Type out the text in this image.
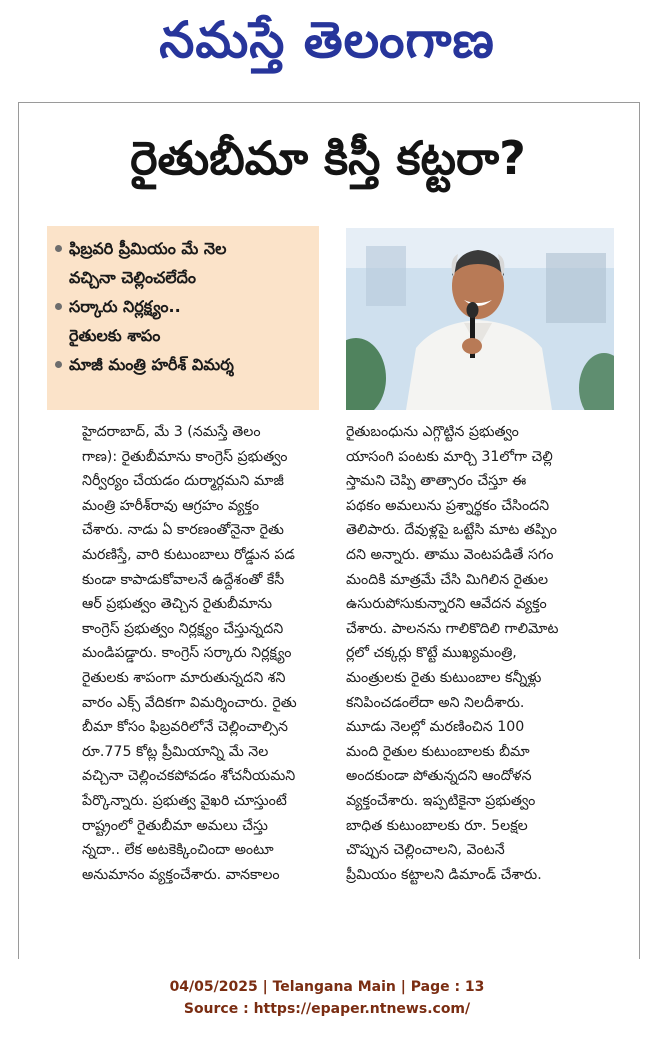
నమస్తే తెలంగాణ
రైతుబీమా కిస్తీ కట్టరా?
ఫిబ్రవరి ప్రీమియం మే నెల
వచ్చినా చెల్లించలేదేం
సర్కారు నిర్లక్ష్యం..
రైతులకు శాపం
మాజీ మంత్రి హరీశ్ విమర్శ
హైదరాబాద్, మే 3 (నమస్తే తెలం
గాణ): రైతుబీమాను కాంగ్రెస్ ప్రభుత్వం
నిర్వీర్యం చేయడం దుర్మార్గమని మాజీ
మంత్రి హరీశ్‌రావు ఆగ్రహం వ్యక్తం
చేశారు. నాడు ఏ కారణంతోనైనా రైతు
మరణిస్తే, వారి కుటుంబాలు రోడ్డున పడ
కుండా కాపాడుకోవాలనే ఉద్దేశంతో కేసీ
ఆర్ ప్రభుత్వం తెచ్చిన రైతుబీమాను
కాంగ్రెస్ ప్రభుత్వం నిర్లక్ష్యం చేస్తున్నదని
మండిపడ్డారు. కాంగ్రెస్ సర్కారు నిర్లక్ష్యం
రైతులకు శాపంగా మారుతున్నదని శని
వారం ఎక్స్ వేదికగా విమర్శించారు. రైతు
బీమా కోసం ఫిబ్రవరిలోనే చెల్లించాల్సిన
రూ.775 కోట్ల ప్రీమియాన్ని మే నెల
వచ్చినా చెల్లించకపోవడం శోచనీయమని
పేర్కొన్నారు. ప్రభుత్వ వైఖరి చూస్తుంటే
రాష్ట్రంలో రైతుబీమా అమలు చేస్తు
న్నదా.. లేక అటకెక్కించిందా అంటూ
అనుమానం వ్యక్తంచేశారు. వానకాలం
రైతుబంధును ఎగ్గొట్టిన ప్రభుత్వం
యాసంగి పంటకు మార్చి 31లోగా చెల్లి
స్తామని చెప్పి తాత్సారం చేస్తూ ఈ
పథకం అమలును ప్రశ్నార్థకం చేసిందని
తెలిపారు. దేవుళ్లపై ఒట్టేసి మాట తప్పిం
దని అన్నారు. తాము వెంటపడితే సగం
మందికి మాత్రమే చేసి మిగిలిన రైతుల
ఉసురుపోసుకున్నారని ఆవేదన వ్యక్తం
చేశారు. పాలనను గాలికొదిలి గాలిమోట
ర్లలో చక్కర్లు కొట్టే ముఖ్యమంత్రి,
మంత్రులకు రైతు కుటుంబాల కన్నీళ్లు
కనిపించడంలేదా అని నిలదీశారు.
మూడు నెలల్లో మరణించిన 100
మంది రైతుల కుటుంబాలకు బీమా
అందకుండా పోతున్నదని ఆందోళన
వ్యక్తంచేశారు. ఇప్పటికైనా ప్రభుత్వం
బాధిత కుటుంబాలకు రూ. 5లక్షల
చొప్పున చెల్లించాలని, వెంటనే
ప్రీమియం కట్టాలని డిమాండ్ చేశారు.
04/05/2025 | Telangana Main | Page : 13
Source : https://epaper.ntnews.com/
